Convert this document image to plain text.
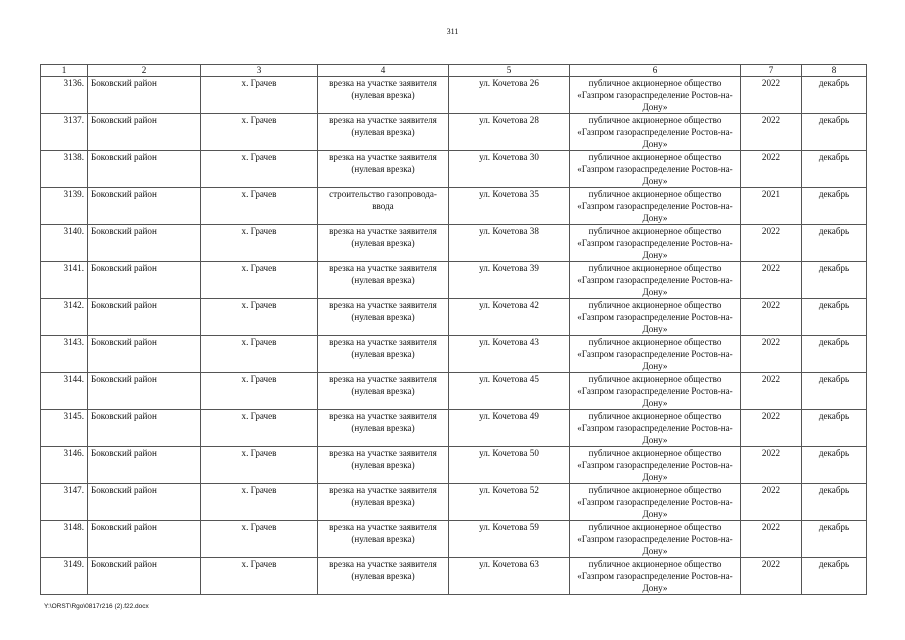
311
1	2	3	4	5	6	7	8
3136.	Боковский район	х. Грачев	врезка на участке заявителя (нулевая врезка)	ул. Кочетова 26	публичное акционерное общество «Газпром газораспределение Ростов-на-Дону»	2022	декабрь
3137.	Боковский район	х. Грачев	врезка на участке заявителя (нулевая врезка)	ул. Кочетова 28	публичное акционерное общество «Газпром газораспределение Ростов-на-Дону»	2022	декабрь
3138.	Боковский район	х. Грачев	врезка на участке заявителя (нулевая врезка)	ул. Кочетова 30	публичное акционерное общество «Газпром газораспределение Ростов-на-Дону»	2022	декабрь
3139.	Боковский район	х. Грачев	строительство газопровода-ввода	ул. Кочетова 35	публичное акционерное общество «Газпром газораспределение Ростов-на-Дону»	2021	декабрь
3140.	Боковский район	х. Грачев	врезка на участке заявителя (нулевая врезка)	ул. Кочетова 38	публичное акционерное общество «Газпром газораспределение Ростов-на-Дону»	2022	декабрь
3141.	Боковский район	х. Грачев	врезка на участке заявителя (нулевая врезка)	ул. Кочетова 39	публичное акционерное общество «Газпром газораспределение Ростов-на-Дону»	2022	декабрь
3142.	Боковский район	х. Грачев	врезка на участке заявителя (нулевая врезка)	ул. Кочетова 42	публичное акционерное общество «Газпром газораспределение Ростов-на-Дону»	2022	декабрь
3143.	Боковский район	х. Грачев	врезка на участке заявителя (нулевая врезка)	ул. Кочетова 43	публичное акционерное общество «Газпром газораспределение Ростов-на-Дону»	2022	декабрь
3144.	Боковский район	х. Грачев	врезка на участке заявителя (нулевая врезка)	ул. Кочетова 45	публичное акционерное общество «Газпром газораспределение Ростов-на-Дону»	2022	декабрь
3145.	Боковский район	х. Грачев	врезка на участке заявителя (нулевая врезка)	ул. Кочетова 49	публичное акционерное общество «Газпром газораспределение Ростов-на-Дону»	2022	декабрь
3146.	Боковский район	х. Грачев	врезка на участке заявителя (нулевая врезка)	ул. Кочетова 50	публичное акционерное общество «Газпром газораспределение Ростов-на-Дону»	2022	декабрь
3147.	Боковский район	х. Грачев	врезка на участке заявителя (нулевая врезка)	ул. Кочетова 52	публичное акционерное общество «Газпром газораспределение Ростов-на-Дону»	2022	декабрь
3148.	Боковский район	х. Грачев	врезка на участке заявителя (нулевая врезка)	ул. Кочетова 59	публичное акционерное общество «Газпром газораспределение Ростов-на-Дону»	2022	декабрь
3149.	Боковский район	х. Грачев	врезка на участке заявителя (нулевая врезка)	ул. Кочетова 63	публичное акционерное общество «Газпром газораспределение Ростов-на-Дону»	2022	декабрь
Y:\ORST\Rgo\0817r216 (2).f22.docx
